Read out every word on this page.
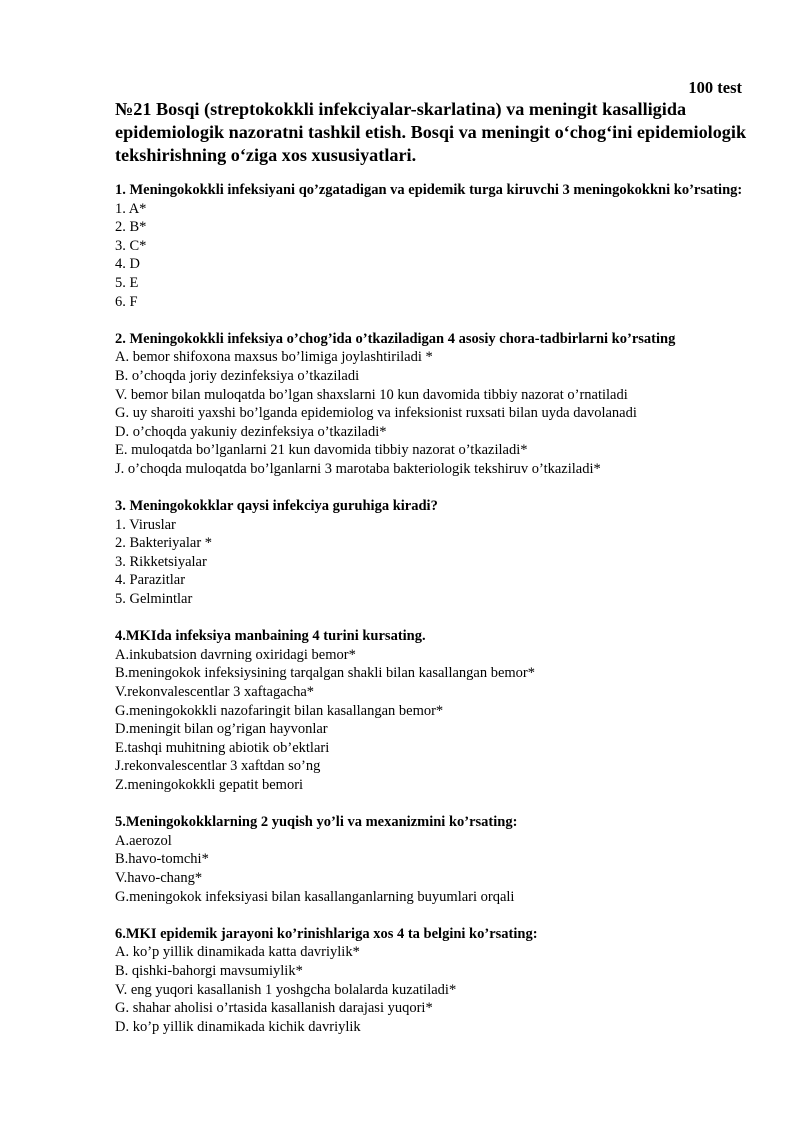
100 test
№21 Bosqi (streptokokkli infekciyalar-skarlatina) va meningit kasalligida epidemiologik nazoratni tashkil etish. Bosqi va meningit o‘chog‘ini epidemiologik tekshirishning o‘ziga xos xususiyatlari.
1. Meningokokkli infeksiyani qo’zgatadigan va epidemik turga kiruvchi 3 meningokokkni ko’rsating:
1. A*
2. B*
3. C*
4. D
5. E
6. F
2. Meningokokkli infeksiya o’chog’ida o’tkaziladigan 4 asosiy chora-tadbirlarni ko’rsating
A. bemor shifoxona maxsus bo’limiga joylashtiriladi *
B. o’choqda joriy dezinfeksiya o’tkaziladi
V. bemor bilan muloqatda bo’lgan shaxslarni 10 kun davomida tibbiy nazorat o’rnatiladi
G. uy sharoiti yaxshi bo’lganda epidemiolog va infeksionist ruxsati bilan uyda davolanadi
D. o’choqda yakuniy dezinfeksiya o’tkaziladi*
E. muloqatda bo’lganlarni 21 kun davomida tibbiy nazorat o’tkaziladi*
J. o’choqda muloqatda bo’lganlarni 3 marotaba bakteriologik tekshiruv o’tkaziladi*
3. Meningokokklar qaysi infekciya guruhiga kiradi?
1. Viruslar
2. Bakteriyalar *
3. Rikketsiyalar
4. Parazitlar
5. Gelmintlar
4.MKIda infeksiya manbaining 4 turini kursating.
A.inkubatsion davrning oxiridagi bemor*
B.meningokok infeksiysining tarqalgan shakli bilan kasallangan bemor*
V.rekonvalescentlar 3 xaftagacha*
G.meningokokkli nazofaringit bilan kasallangan bemor*
D.meningit bilan og’rigan hayvonlar
E.tashqi muhitning abiotik ob’ektlari
J.rekonvalescentlar 3 xaftdan so’ng
Z.meningokokkli gepatit bemori
5.Meningokokklarning 2 yuqish yo’li va mexanizmini ko’rsating:
A.aerozol
B.havo-tomchi*
V.havo-chang*
G.meningokok infeksiyasi bilan kasallanganlarning buyumlari orqali
6.MKI epidemik jarayoni ko’rinishlariga xos 4 ta belgini ko’rsating:
A. ko’p yillik dinamikada katta davriylik*
B. qishki-bahorgi mavsumiylik*
V. eng yuqori kasallanish 1 yoshgcha bolalarda kuzatiladi*
G. shahar aholisi o’rtasida kasallanish darajasi yuqori*
D. ko’p yillik dinamikada kichik davriylik
